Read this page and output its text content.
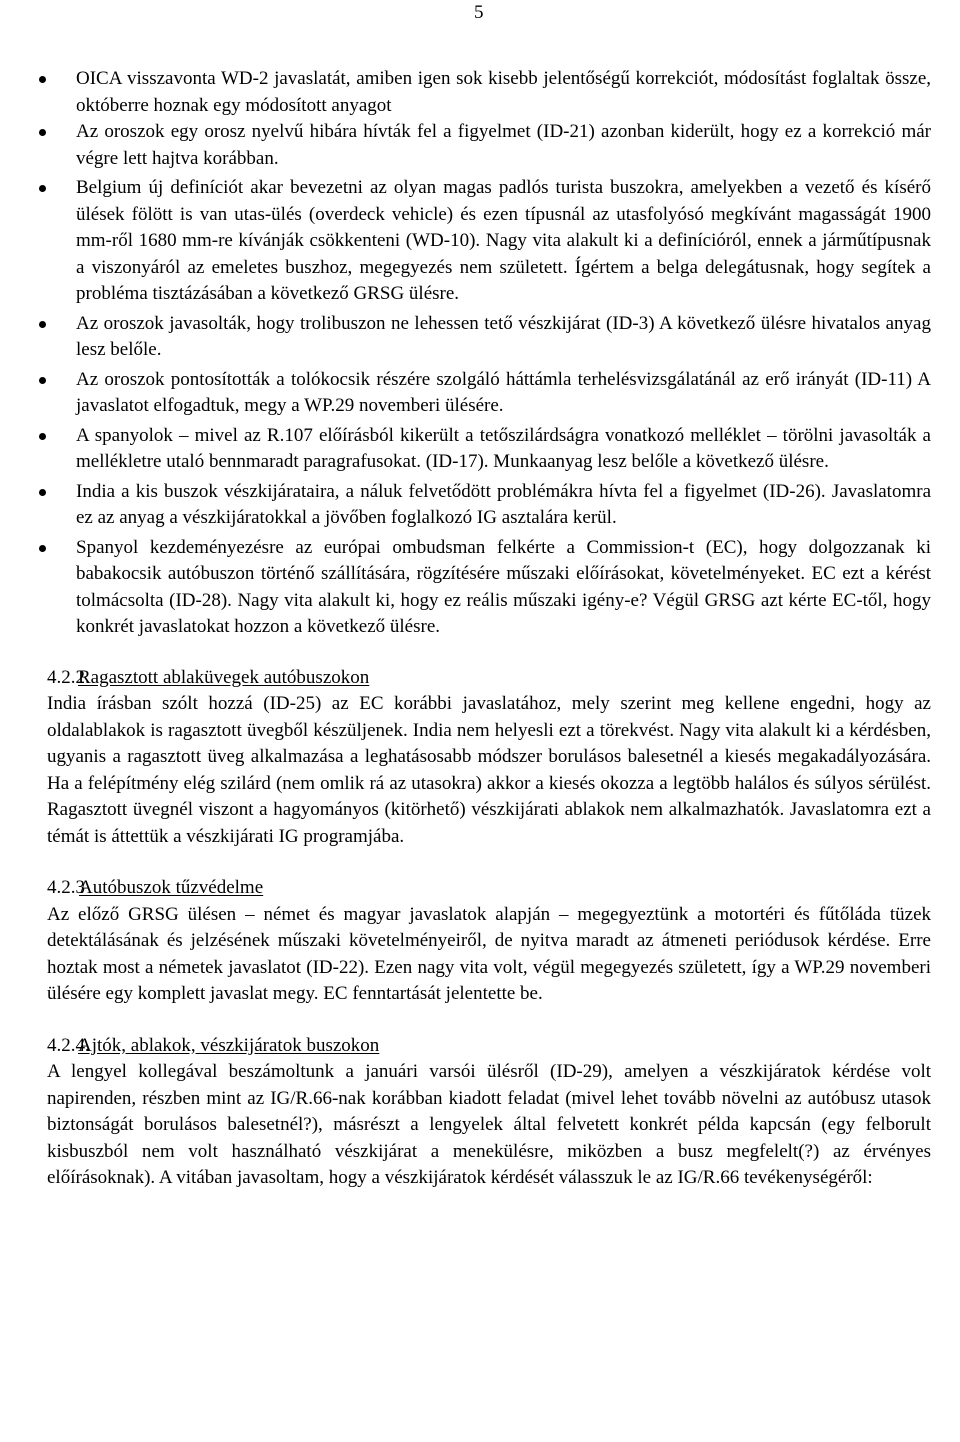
5
OICA visszavonta WD-2 javaslatát, amiben igen sok kisebb jelentőségű korrekciót, módosítást foglaltak össze, októberre hoznak egy módosított anyagot
Az oroszok egy orosz nyelvű hibára hívták fel a figyelmet (ID-21) azonban kiderült, hogy ez a korrekció már végre lett hajtva korábban.
Belgium új definíciót akar bevezetni az olyan magas padlós turista buszokra, amelyekben a vezető és kísérő ülések fölött is van utas-ülés (overdeck vehicle) és ezen típusnál az utasfolyósó megkívánt magasságát 1900 mm-ről 1680 mm-re kívánják csökkenteni (WD-10). Nagy vita alakult ki a definícióról, ennek a járműtípusnak a viszonyáról az emeletes buszhoz, megegyezés nem született. Ígértem a belga delegátusnak, hogy segítek a probléma tisztázásában a következő GRSG ülésre.
Az oroszok javasolták, hogy trolibuszon ne lehessen tető vészkijárat (ID-3) A következő ülésre hivatalos anyag lesz belőle.
Az oroszok pontosították a tolókocsik részére szolgáló háttámla terhelésvizsgálatánál az erő irányát (ID-11) A javaslatot elfogadtuk, megy a WP.29 novemberi ülésére.
A spanyolok – mivel az R.107 előírásból kikerült a tetőszilárdságra vonatkozó melléklet – törölni javasolták a mellékletre utaló bennmaradt paragrafusokat. (ID-17). Munkaanyag lesz belőle a következő ülésre.
India a kis buszok vészkijárataira, a náluk felvetődött problémákra hívta fel a figyelmet (ID-26). Javaslatomra ez az anyag a vészkijáratokkal a jövőben foglalkozó IG asztalára kerül.
Spanyol kezdeményezésre az európai ombudsman felkérte a Commission-t (EC), hogy dolgozzanak ki babakocsik autóbuszon történő szállítására, rögzítésére műszaki előírásokat, követelményeket. EC ezt a kérést tolmácsolta (ID-28). Nagy vita alakult ki, hogy ez reális műszaki igény-e? Végül GRSG azt kérte EC-től, hogy konkrét javaslatokat hozzon a következő ülésre.
4.2.2.Ragasztott ablaküvegek autóbuszokon
India írásban szólt hozzá (ID-25) az EC korábbi javaslatához, mely szerint meg kellene engedni, hogy az oldalablakok is ragasztott üvegből készüljenek. India nem helyesli ezt a törekvést. Nagy vita alakult ki a kérdésben, ugyanis a ragasztott üveg alkalmazása a leghatásosabb módszer borulásos balesetnél a kiesés megakadályozására. Ha a felépítmény elég szilárd (nem omlik rá az utasokra) akkor a kiesés okozza a legtöbb halálos és súlyos sérülést. Ragasztott üvegnél viszont a hagyományos (kitörhető) vészkijárati ablakok nem alkalmazhatók. Javaslatomra ezt a témát is áttettük a vészkijárati IG programjába.
4.2.3Autóbuszok tűzvédelme
Az előző GRSG ülésen – német és magyar javaslatok alapján – megegyeztünk a motortéri és fűtőláda tüzek detektálásának és jelzésének műszaki követelményeiről, de nyitva maradt az átmeneti periódusok kérdése. Erre hoztak most a németek javaslatot (ID-22). Ezen nagy vita volt, végül megegyezés született, így a WP.29 novemberi ülésére egy komplett javaslat megy. EC fenntartását jelentette be.
4.2.4.Ajtók, ablakok, vészkijáratok buszokon
A lengyel kollegával beszámoltunk a januári varsói ülésről (ID-29), amelyen a vészkijáratok kérdése volt napirenden, részben mint az IG/R.66-nak korábban kiadott feladat (mivel lehet tovább növelni az autóbusz utasok biztonságát borulásos balesetnél?), másrészt a lengyelek által felvetett konkrét példa kapcsán (egy felborult kisbuszból nem volt használható vészkijárat a menekülésre, miközben a busz megfelelt(?) az érvényes előírásoknak). A vitában javasoltam, hogy a vészkijáratok kérdését válasszuk le az IG/R.66 tevékenységéről:
